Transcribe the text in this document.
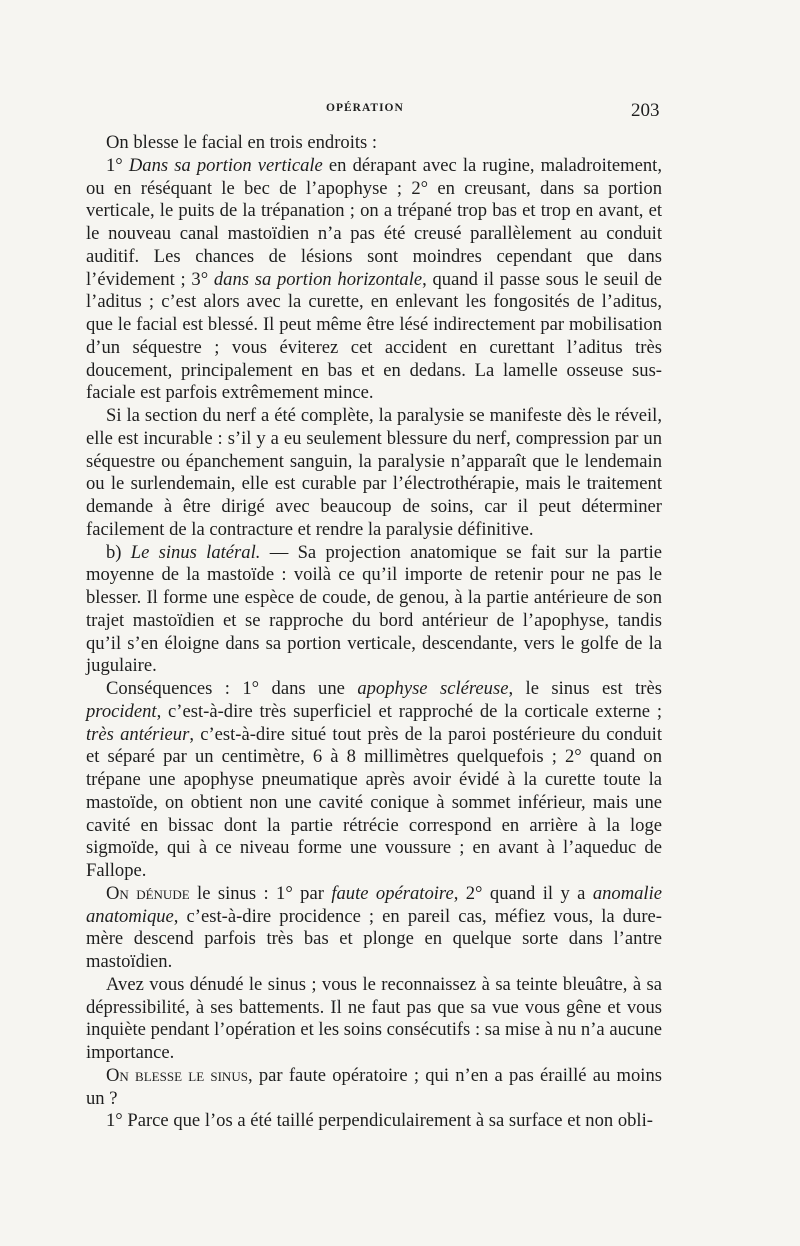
OPÉRATION	203

On blesse le facial en trois endroits :

1° Dans sa portion verticale en dérapant avec la rugine, maladroitement, ou en réséquant le bec de l’apophyse ; 2° en creusant, dans sa portion verticale, le puits de la trépanation ; on a trépané trop bas et trop en avant, et le nouveau canal mastoïdien n’a pas été creusé parallèlement au conduit auditif. Les chances de lésions sont moindres cependant que dans l’évidement ; 3° dans sa portion horizontale, quand il passe sous le seuil de l’aditus ; c’est alors avec la curette, en enlevant les fongosités de l’aditus, que le facial est blessé. Il peut même être lésé indirectement par mobilisation d’un séquestre ; vous éviterez cet accident en curettant l’aditus très doucement, principalement en bas et en dedans. La lamelle osseuse sus-faciale est parfois extrêmement mince.

Si la section du nerf a été complète, la paralysie se manifeste dès le réveil, elle est incurable : s’il y a eu seulement blessure du nerf, compression par un séquestre ou épanchement sanguin, la paralysie n’apparaît que le lendemain ou le surlendemain, elle est curable par l’électrothérapie, mais le traitement demande à être dirigé avec beaucoup de soins, car il peut déterminer facilement de la contracture et rendre la paralysie définitive.

b) Le sinus latéral. — Sa projection anatomique se fait sur la partie moyenne de la mastoïde : voilà ce qu’il importe de retenir pour ne pas le blesser. Il forme une espèce de coude, de genou, à la partie antérieure de son trajet mastoïdien et se rapproche du bord antérieur de l’apophyse, tandis qu’il s’en éloigne dans sa portion verticale, descendante, vers le golfe de la jugulaire.

Conséquences : 1° dans une apophyse scléreuse, le sinus est très procident, c’est-à-dire très superficiel et rapproché de la corticale externe ; très antérieur, c’est-à-dire situé tout près de la paroi postérieure du conduit et séparé par un centimètre, 6 à 8 millimètres quelquefois ; 2° quand on trépane une apophyse pneumatique après avoir évidé à la curette toute la mastoïde, on obtient non une cavité conique à sommet inférieur, mais une cavité en bissac dont la partie rétrécie correspond en arrière à la loge sigmoïde, qui à ce niveau forme une voussure ; en avant à l’aqueduc de Fallope.

On dénude le sinus : 1° par faute opératoire, 2° quand il y a anomalie anatomique, c’est-à-dire procidence ; en pareil cas, méfiez vous, la dure-mère descend parfois très bas et plonge en quelque sorte dans l’antre mastoïdien.

Avez vous dénudé le sinus ; vous le reconnaissez à sa teinte bleuâtre, à sa dépressibilité, à ses battements. Il ne faut pas que sa vue vous gêne et vous inquiète pendant l’opération et les soins consécutifs : sa mise à nu n’a aucune importance.

On blesse le sinus, par faute opératoire ; qui n’en a pas éraillé au moins un ?

1° Parce que l’os a été taillé perpendiculairement à sa surface et non obli-
